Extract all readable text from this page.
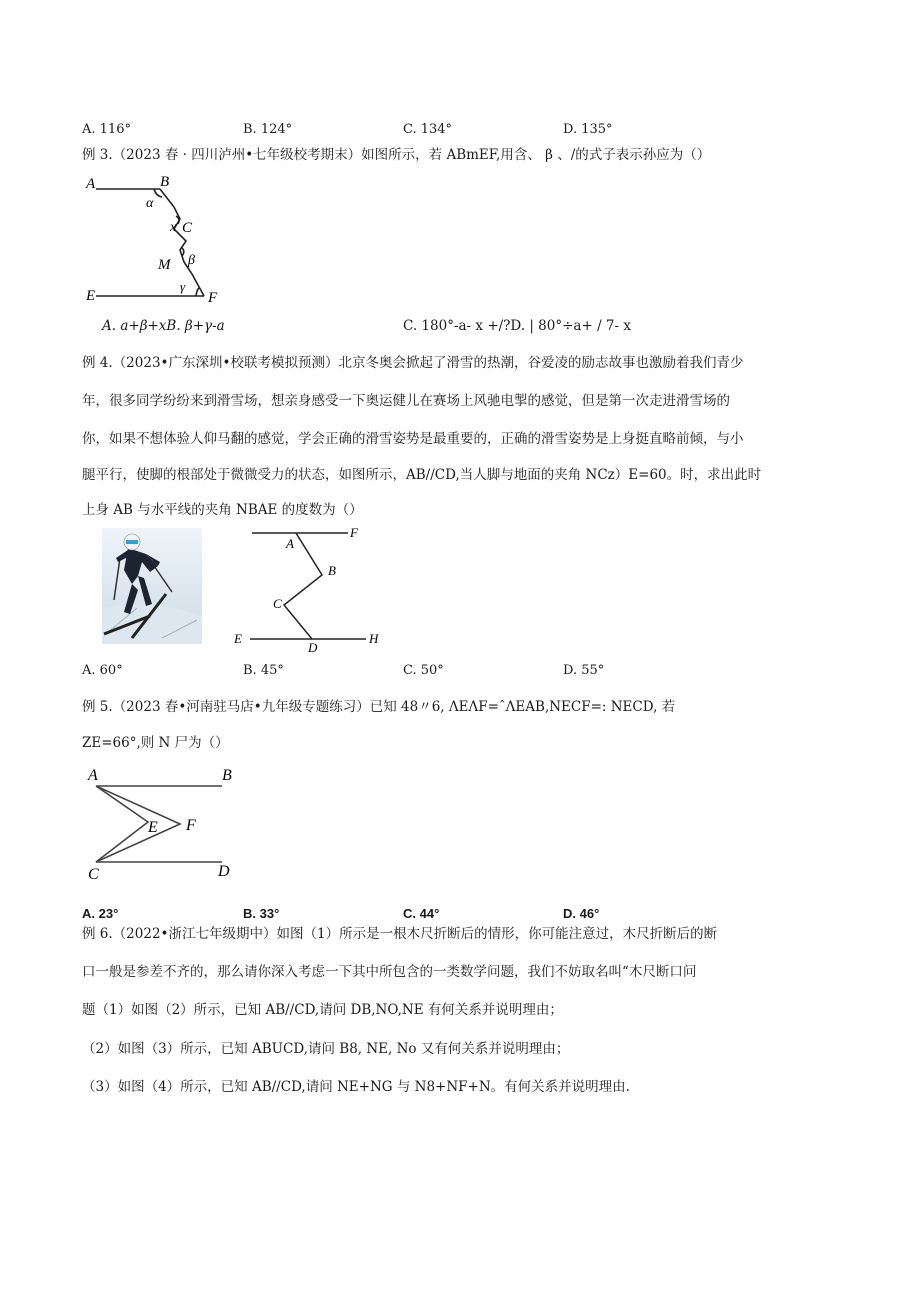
A. 116°	B. 124°	C. 134°	D. 135°
例 3.（2023 春 · 四川泸州•七年级校考期末）如图所示，若 ABmEF,用含、 β 、/的式子表示孙应为（）
A	B
α
x C
M β
E
γ
F
A. a+β+xB. β+γ-a	C. 180°-a- x +/?D. | 80°÷a+ / 7- x
例 4.（2023•广东深圳•校联考模拟预测）北京冬奥会掀起了滑雪的热潮，谷爱凌的励志故事也激励着我们青少
年，很多同学纷纷来到滑雪场，想亲身感受一下奥运健儿在赛场上风驰电掣的感觉，但是第一次走进滑雪场的
你，如果不想体验人仰马翻的感觉，学会正确的滑雪姿势是最重要的，正确的滑雪姿势是上身挺直略前倾，与小
腿平行，使脚的根部处于微微受力的状态，如图所示，AB//CD,当人脚与地面的夹角 NCz）E=60。时，求出此时
上身 AB 与水平线的夹角 NBAE 的度数为（）
A
F
B
C
E
D
H
A. 60°	B. 45°	C. 50°	D. 55°
例 5.（2023 春•河南驻马店•九年级专题练习）已知 48〃6, ΛEΛF=ˆΛEAB,NECF=: NECD, 若
ZE=66°,则 N 尸为（）
A	B
E F
C	D
A. 23°	B. 33°	C. 44°	D. 46°
例 6.（2022•浙江七年级期中）如图（1）所示是一根木尺折断后的情形，你可能注意过，木尺折断后的断
口一般是参差不齐的，那么请你深入考虑一下其中所包含的一类数学问题，我们不妨取名叫“木尺断口问
题（1）如图（2）所示，已知 AB//CD,请问 DB,NO,NE 有何关系并说明理由；
（2）如图（3）所示，已知 ABUCD,请问 B8, NE, No 又有何关系并说明理由；
（3）如图（4）所示，已知 AB//CD,请问 NE+NG 与 N8+NF+N。有何关系并说明理由.
